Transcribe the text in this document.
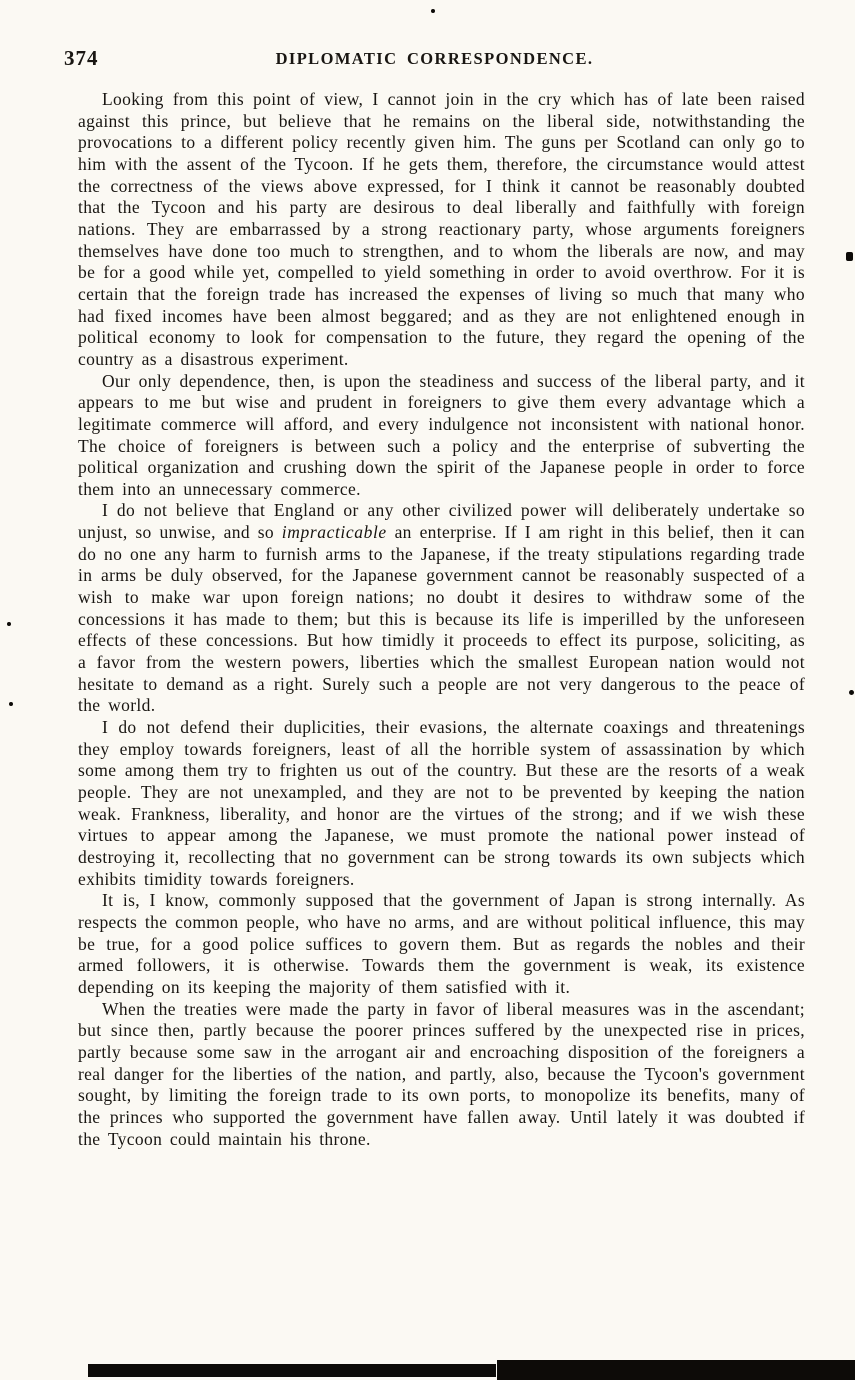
374	DIPLOMATIC CORRESPONDENCE.

Looking from this point of view, I cannot join in the cry which has of late been raised against this prince, but believe that he remains on the liberal side, notwithstanding the provocations to a different policy recently given him. The guns per Scotland can only go to him with the assent of the Tycoon. If he gets them, therefore, the circumstance would attest the correctness of the views above expressed, for I think it cannot be reasonably doubted that the Tycoon and his party are desirous to deal liberally and faithfully with foreign nations. They are embarrassed by a strong reactionary party, whose arguments foreigners themselves have done too much to strengthen, and to whom the liberals are now, and may be for a good while yet, compelled to yield something in order to avoid overthrow. For it is certain that the foreign trade has increased the expenses of living so much that many who had fixed incomes have been almost beggared; and as they are not enlightened enough in political economy to look for compensation to the future, they regard the opening of the country as a disastrous experiment.

Our only dependence, then, is upon the steadiness and success of the liberal party, and it appears to me but wise and prudent in foreigners to give them every advantage which a legitimate commerce will afford, and every indulgence not inconsistent with national honor. The choice of foreigners is between such a policy and the enterprise of subverting the political organization and crushing down the spirit of the Japanese people in order to force them into an unnecessary commerce.

I do not believe that England or any other civilized power will deliberately undertake so unjust, so unwise, and so impracticable an enterprise. If I am right in this belief, then it can do no one any harm to furnish arms to the Japanese, if the treaty stipulations regarding trade in arms be duly observed, for the Japanese government cannot be reasonably suspected of a wish to make war upon foreign nations; no doubt it desires to withdraw some of the concessions it has made to them; but this is because its life is imperilled by the unforeseen effects of these concessions. But how timidly it proceeds to effect its purpose, soliciting, as a favor from the western powers, liberties which the smallest European nation would not hesitate to demand as a right. Surely such a people are not very dangerous to the peace of the world.

I do not defend their duplicities, their evasions, the alternate coaxings and threatenings they employ towards foreigners, least of all the horrible system of assassination by which some among them try to frighten us out of the country. But these are the resorts of a weak people. They are not unexampled, and they are not to be prevented by keeping the nation weak. Frankness, liberality, and honor are the virtues of the strong; and if we wish these virtues to appear among the Japanese, we must promote the national power instead of destroying it, recollecting that no government can be strong towards its own subjects which exhibits timidity towards foreigners.

It is, I know, commonly supposed that the government of Japan is strong internally. As respects the common people, who have no arms, and are without political influence, this may be true, for a good police suffices to govern them. But as regards the nobles and their armed followers, it is otherwise. Towards them the government is weak, its existence depending on its keeping the majority of them satisfied with it.

When the treaties were made the party in favor of liberal measures was in the ascendant; but since then, partly because the poorer princes suffered by the unexpected rise in prices, partly because some saw in the arrogant air and encroaching disposition of the foreigners a real danger for the liberties of the nation, and partly, also, because the Tycoon's government sought, by limiting the foreign trade to its own ports, to monopolize its benefits, many of the princes who supported the government have fallen away. Until lately it was doubted if the Tycoon could maintain his throne.
